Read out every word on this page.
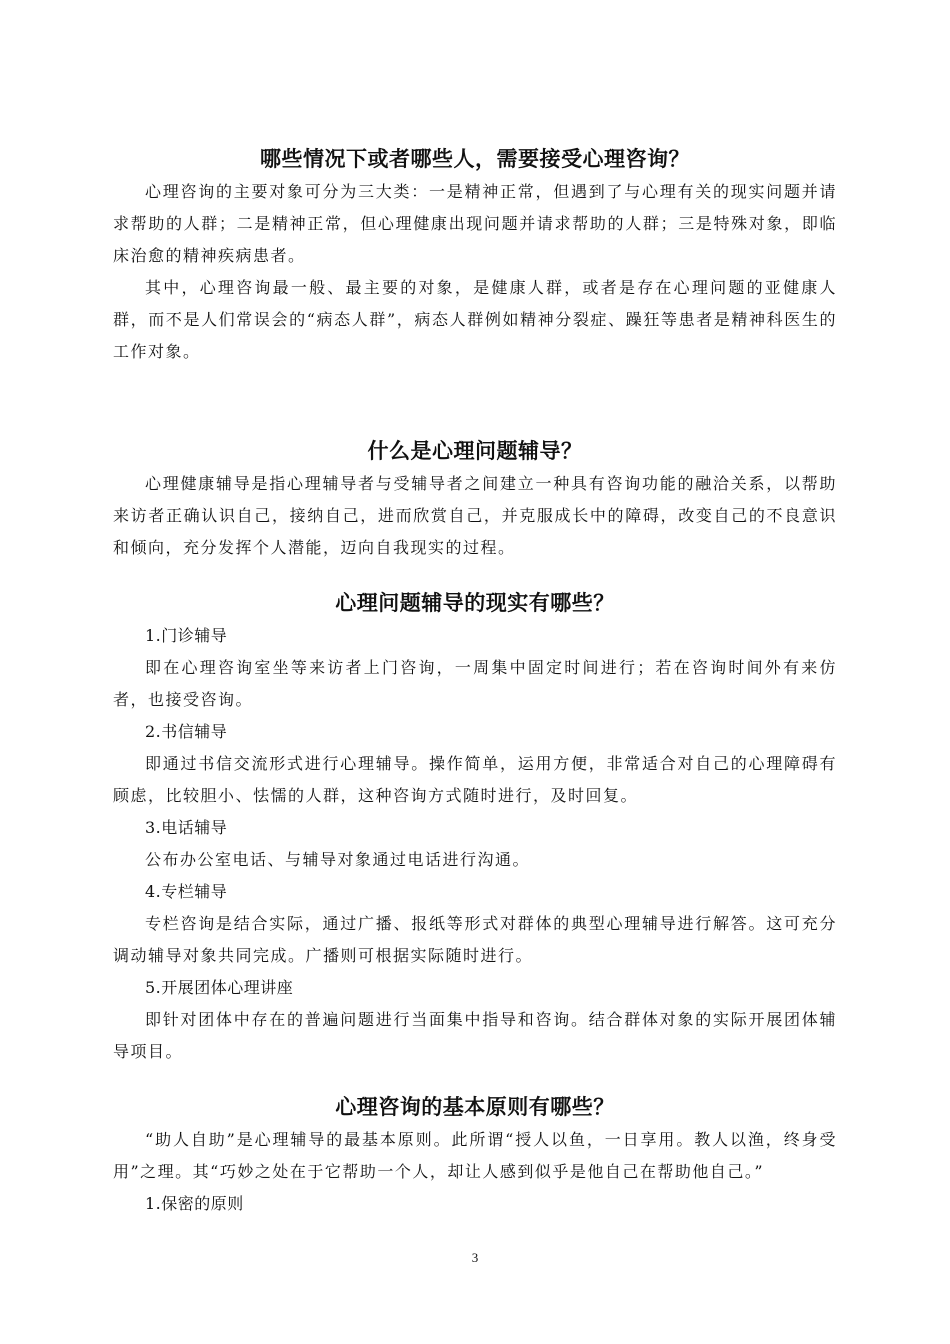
哪些情况下或者哪些人，需要接受心理咨询？

心理咨询的主要对象可分为三大类：一是精神正常，但遇到了与心理有关的现实问题并请求帮助的人群；二是精神正常，但心理健康出现问题并请求帮助的人群；三是特殊对象，即临床治愈的精神疾病患者。

其中，心理咨询最一般、最主要的对象，是健康人群，或者是存在心理问题的亚健康人群，而不是人们常误会的“病态人群”，病态人群例如精神分裂症、躁狂等患者是精神科医生的工作对象。

什么是心理问题辅导？

心理健康辅导是指心理辅导者与受辅导者之间建立一种具有咨询功能的融洽关系，以帮助来访者正确认识自己，接纳自己，进而欣赏自己，并克服成长中的障碍，改变自己的不良意识和倾向，充分发挥个人潜能，迈向自我现实的过程。

心理问题辅导的现实有哪些？

1.门诊辅导

即在心理咨询室坐等来访者上门咨询，一周集中固定时间进行；若在咨询时间外有来仿者，也接受咨询。

2.书信辅导

即通过书信交流形式进行心理辅导。操作简单，运用方便，非常适合对自己的心理障碍有顾虑，比较胆小、怯懦的人群，这种咨询方式随时进行，及时回复。

3.电话辅导

公布办公室电话、与辅导对象通过电话进行沟通。

4.专栏辅导

专栏咨询是结合实际，通过广播、报纸等形式对群体的典型心理辅导进行解答。这可充分调动辅导对象共同完成。广播则可根据实际随时进行。

5.开展团体心理讲座

即针对团体中存在的普遍问题进行当面集中指导和咨询。结合群体对象的实际开展团体辅导项目。

心理咨询的基本原则有哪些？

“助人自助”是心理辅导的最基本原则。此所谓“授人以鱼，一日享用。教人以渔，终身受用”之理。其“巧妙之处在于它帮助一个人，却让人感到似乎是他自己在帮助他自己。”

1.保密的原则

3
